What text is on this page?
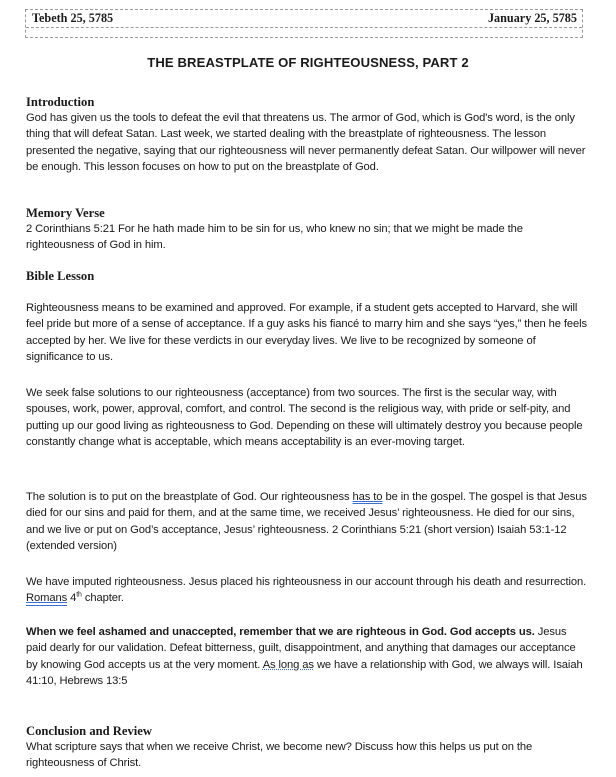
Tebeth 25, 5785	January 25, 5785
THE BREASTPLATE OF RIGHTEOUSNESS, PART 2

Introduction

God has given us the tools to defeat the evil that threatens us. The armor of God, which is God's word, is the only thing that will defeat Satan. Last week, we started dealing with the breastplate of righteousness. The lesson presented the negative, saying that our righteousness will never permanently defeat Satan. Our willpower will never be enough. This lesson focuses on how to put on the breastplate of God.

Memory Verse

2 Corinthians 5:21 For he hath made him to be sin for us, who knew no sin; that we might be made the righteousness of God in him.

Bible Lesson

Righteousness means to be examined and approved. For example, if a student gets accepted to Harvard, she will feel pride but more of a sense of acceptance. If a guy asks his fiancé to marry him and she says “yes,” then he feels accepted by her. We live for these verdicts in our everyday lives. We live to be recognized by someone of significance to us.

We seek false solutions to our righteousness (acceptance) from two sources. The first is the secular way, with spouses, work, power, approval, comfort, and control. The second is the religious way, with pride or self-pity, and putting up our good living as righteousness to God. Depending on these will ultimately destroy you because people constantly change what is acceptable, which means acceptability is an ever-moving target.

The solution is to put on the breastplate of God. Our righteousness has to be in the gospel. The gospel is that Jesus died for our sins and paid for them, and at the same time, we received Jesus’ righteousness. He died for our sins, and we live or put on God’s acceptance, Jesus’ righteousness. 2 Corinthians 5:21 (short version) Isaiah 53:1-12 (extended version)

We have imputed righteousness. Jesus placed his righteousness in our account through his death and resurrection. Romans 4th chapter.

When we feel ashamed and unaccepted, remember that we are righteous in God. God accepts us. Jesus paid dearly for our validation. Defeat bitterness, guilt, disappointment, and anything that damages our acceptance by knowing God accepts us at the very moment. As long as we have a relationship with God, we always will. Isaiah 41:10, Hebrews 13:5

Conclusion and Review

What scripture says that when we receive Christ, we become new? Discuss how this helps us put on the righteousness of Christ.
